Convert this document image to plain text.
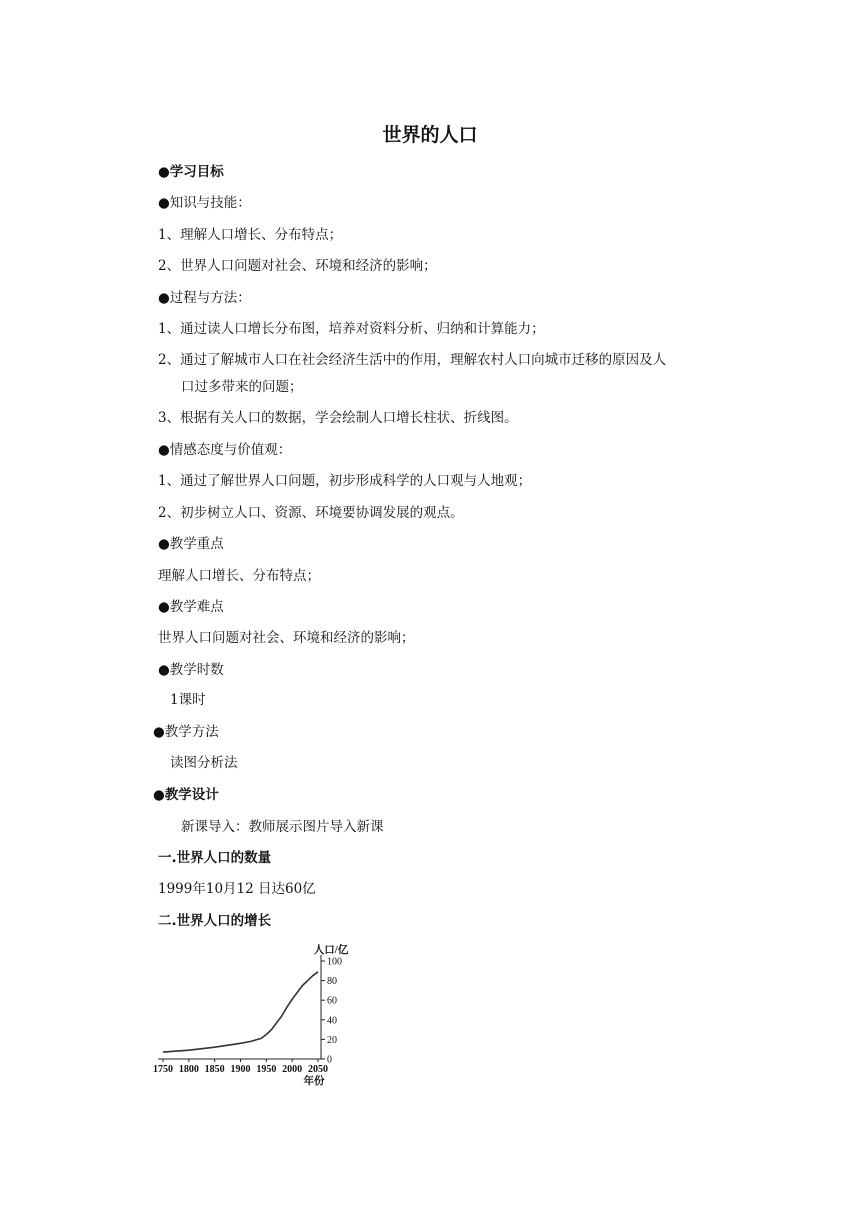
世界的人口
●学习目标
●知识与技能：
1、理解人口增长、分布特点；
2、世界人口问题对社会、环境和经济的影响；
●过程与方法：
1、通过读人口增长分布图，培养对资料分析、归纳和计算能力；
2、通过了解城市人口在社会经济生活中的作用，理解农村人口向城市迁移的原因及人
口过多带来的问题；
3、根据有关人口的数据，学会绘制人口增长柱状、折线图。
●情感态度与价值观：
1、通过了解世界人口问题，初步形成科学的人口观与人地观；
2、初步树立人口、资源、环境要协调发展的观点。
●教学重点
理解人口增长、分布特点；
●教学难点
世界人口问题对社会、环境和经济的影响；
●教学时数
1课时
●教学方法
读图分析法
●教学设计
新课导入：教师展示图片导入新课
一.世界人口的数量
1999年10月12 日达60亿
二.世界人口的增长
0
20
40
60
80
100
1750 1800 1850 1900 1950 2000 2050
人口/亿
年份
